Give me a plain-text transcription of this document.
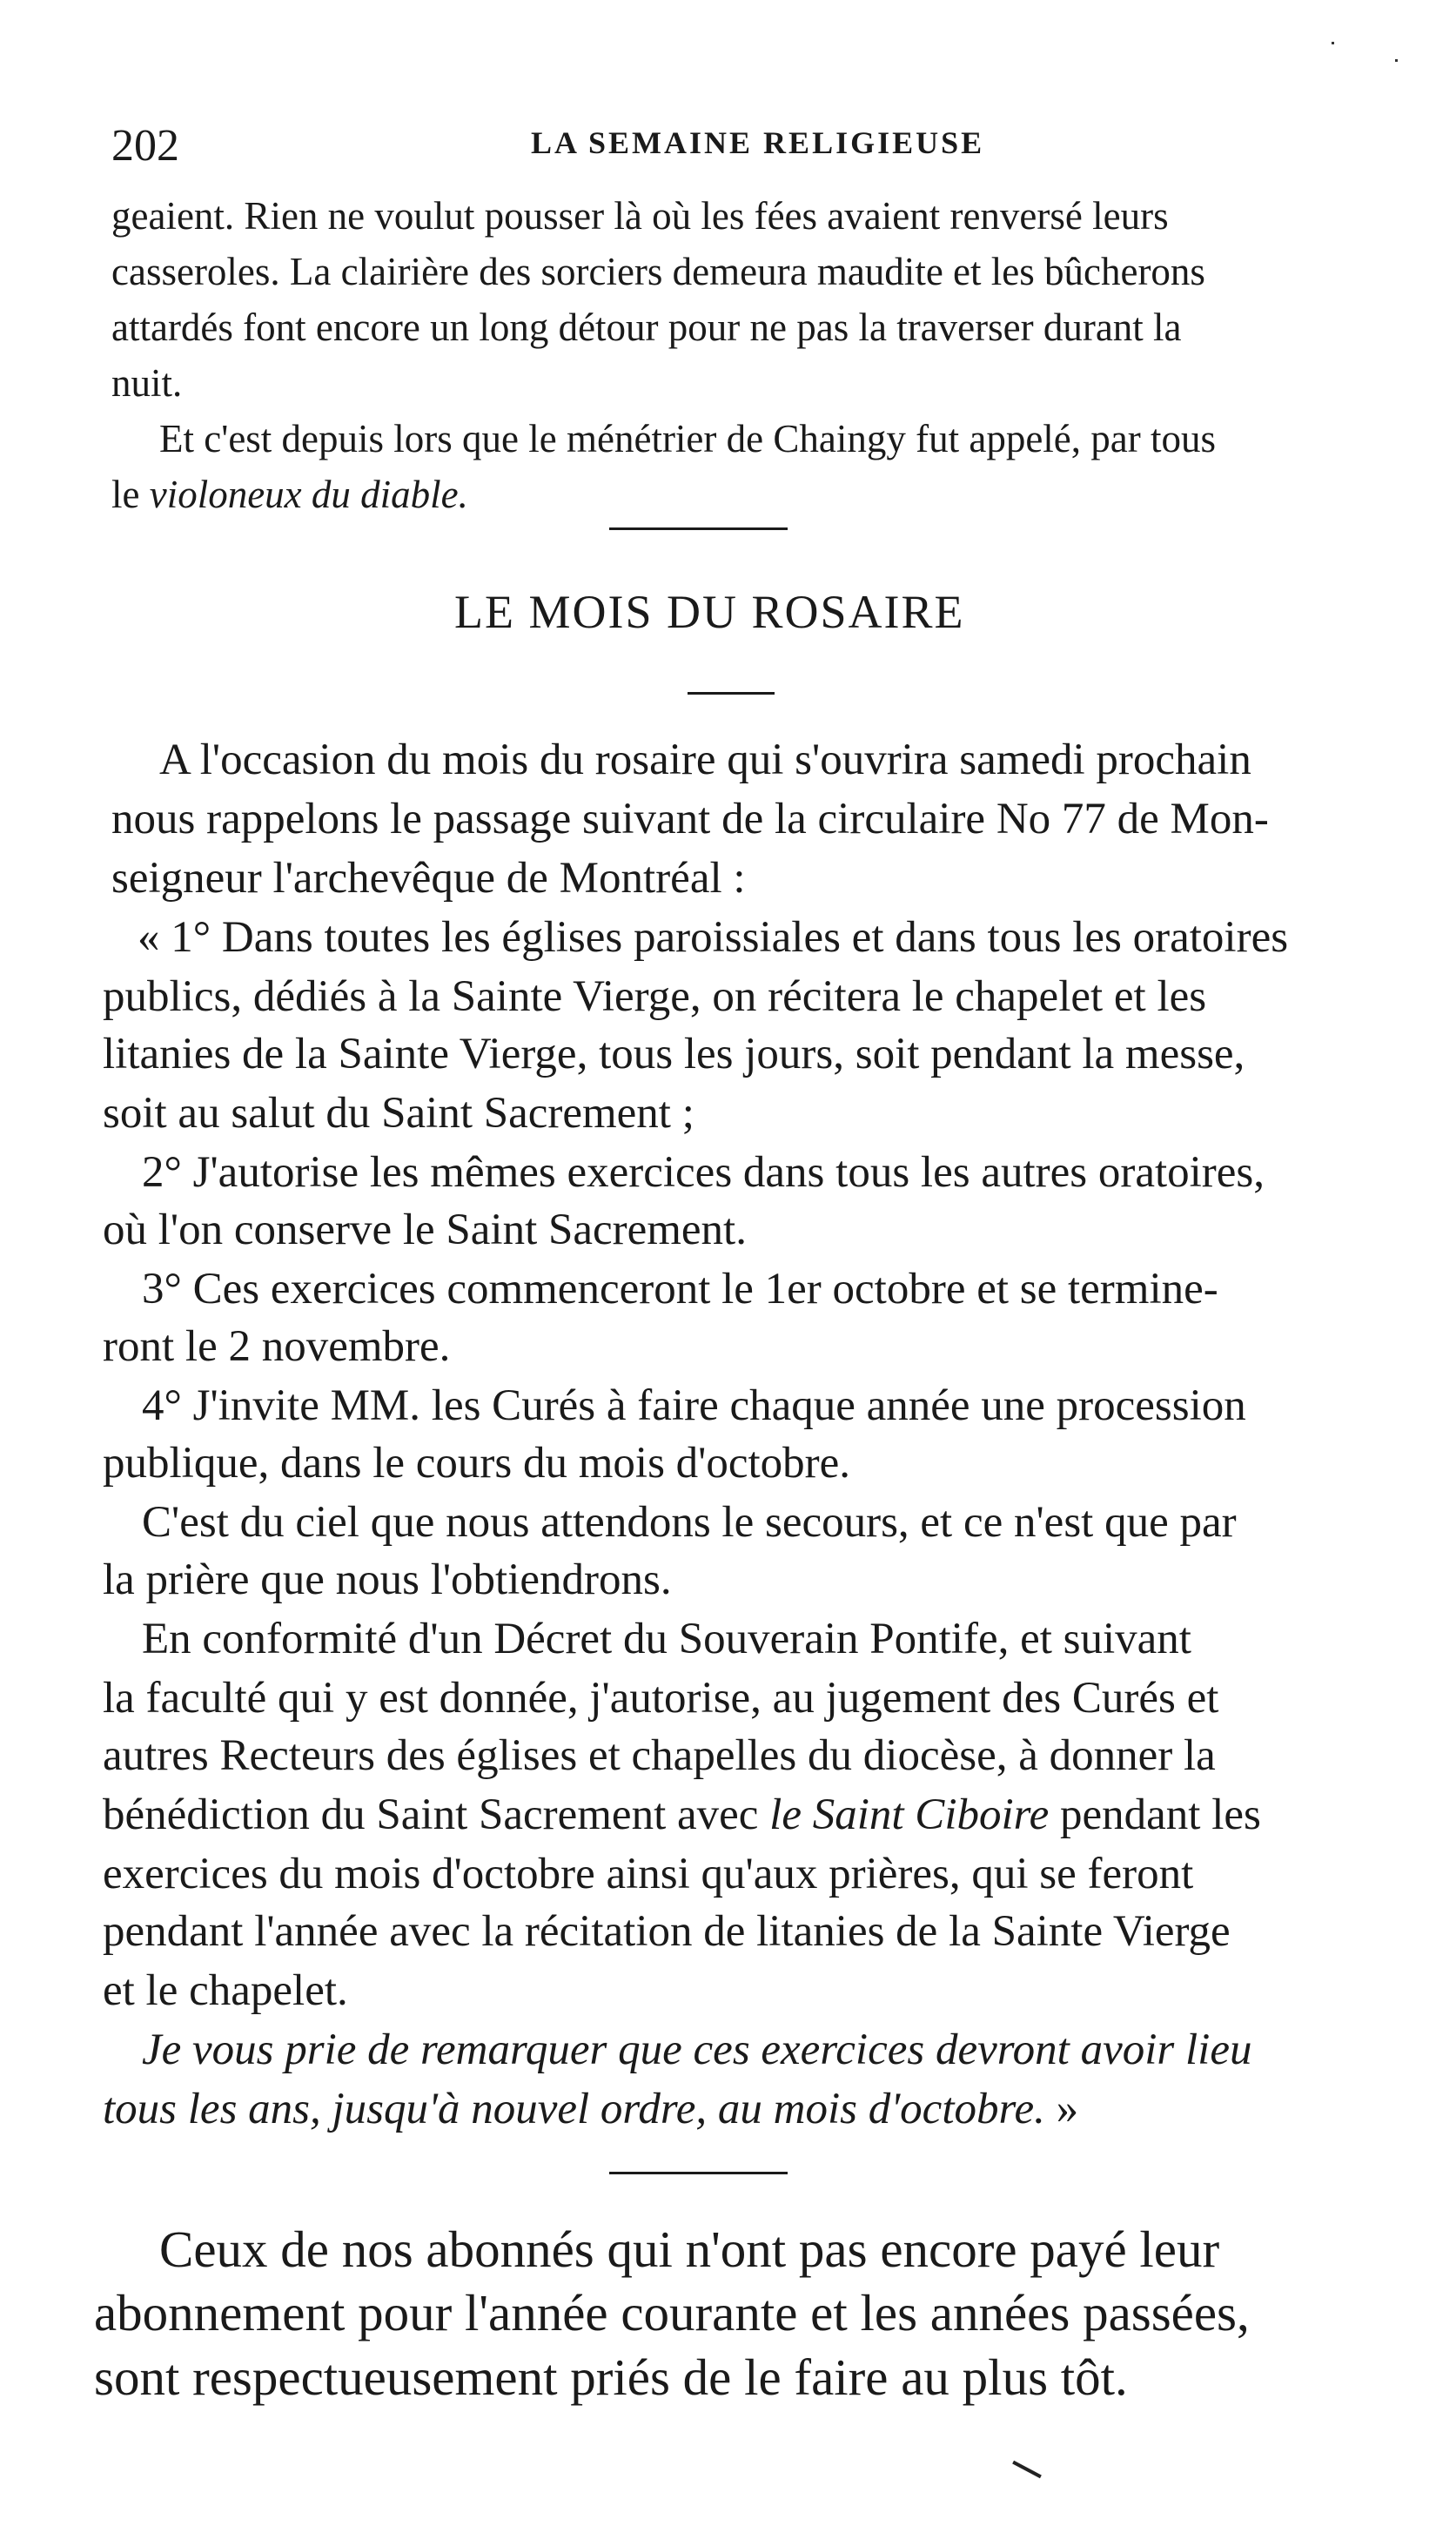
202	LA SEMAINE RELIGIEUSE
geaient. Rien ne voulut pousser là où les fées avaient renversé leurs
casseroles. La clairière des sorciers demeura maudite et les bûcherons
attardés font encore un long détour pour ne pas la traverser durant la
nuit.
Et c'est depuis lors que le ménétrier de Chaingy fut appelé, par tous
le violoneux du diable.
LE MOIS DU ROSAIRE
A l'occasion du mois du rosaire qui s'ouvrira samedi prochain
nous rappelons le passage suivant de la circulaire No 77 de Mon-
seigneur l'archevêque de Montréal :
« 1° Dans toutes les églises paroissiales et dans tous les oratoires
publics, dédiés à la Sainte Vierge, on récitera le chapelet et les
litanies de la Sainte Vierge, tous les jours, soit pendant la messe,
soit au salut du Saint Sacrement ;
2° J'autorise les mêmes exercices dans tous les autres oratoires,
où l'on conserve le Saint Sacrement.
3° Ces exercices commenceront le 1er octobre et se termine-
ront le 2 novembre.
4° J'invite MM. les Curés à faire chaque année une procession
publique, dans le cours du mois d'octobre.
C'est du ciel que nous attendons le secours, et ce n'est que par
la prière que nous l'obtiendrons.
En conformité d'un Décret du Souverain Pontife, et suivant
la faculté qui y est donnée, j'autorise, au jugement des Curés et
autres Recteurs des églises et chapelles du diocèse, à donner la
bénédiction du Saint Sacrement avec le Saint Ciboire pendant les
exercices du mois d'octobre ainsi qu'aux prières, qui se feront
pendant l'année avec la récitation de litanies de la Sainte Vierge
et le chapelet.
Je vous prie de remarquer que ces exercices devront avoir lieu
tous les ans, jusqu'à nouvel ordre, au mois d'octobre. »
Ceux de nos abonnés qui n'ont pas encore payé leur
abonnement pour l'année courante et les années passées,
sont respectueusement priés de le faire au plus tôt.
